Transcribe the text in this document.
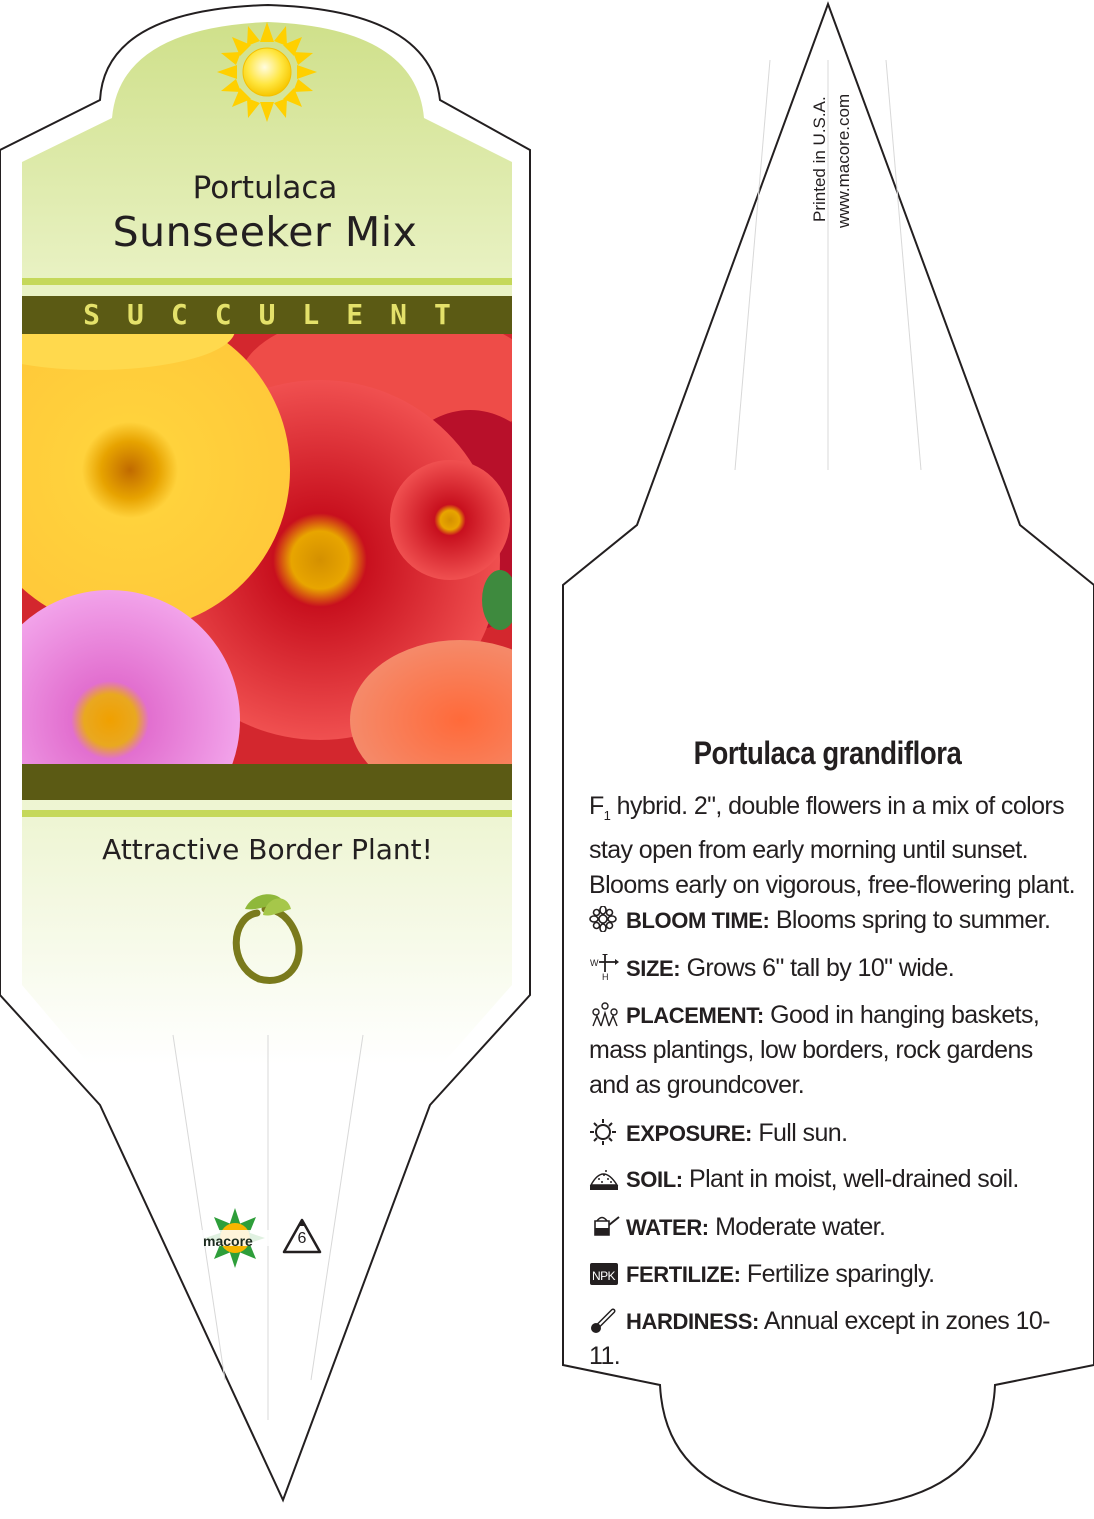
Portulaca
Sunseeker Mix
SUCCULENT
Attractive Border Plant!
macore	6
Printed in U.S.A. www.macore.com
Portulaca grandiflora
$F_1$ hybrid. 2", double flowers in a mix of colors stay open from early morning until sunset. Blooms early on vigorous, free-flowering plant.
BLOOM TIME: Blooms spring to summer.
W
H SIZE: Grows 6" tall by 10" wide.
PLACEMENT: Good in hanging baskets, mass plantings, low borders, rock gardens and as groundcover.
EXPOSURE: Full sun.
SOIL: Plant in moist, well-drained soil.
WATER: Moderate water.
NPK FERTILIZE: Fertilize sparingly.
HARDINESS: Annual except in zones 10-11.
